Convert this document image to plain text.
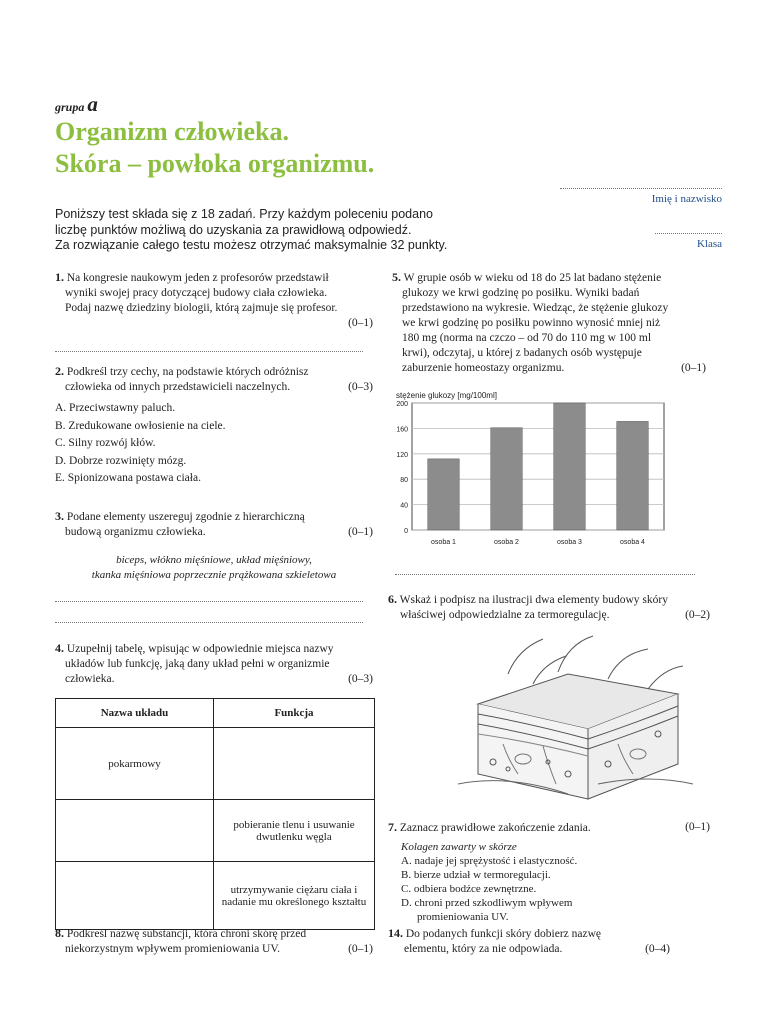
grupa a
Organizm człowieka.
Skóra – powłoka organizmu.
Imię i nazwisko
Klasa
Poniższy test składa się z 18 zadań. Przy każdym poleceniu podano
liczbę punktów możliwą do uzyskania za prawidłową odpowiedź.
Za rozwiązanie całego testu możesz otrzymać maksymalnie 32 punkty.
1. Na kongresie naukowym jeden z profesorów przedstawił
wyniki swojej pracy dotyczącej budowy ciała człowieka.
Podaj nazwę dziedziny biologii, którą zajmuje się profesor.
(0–1)
2. Podkreśl trzy cechy, na podstawie których odróżnisz
człowieka od innych przedstawicieli naczelnych.	(0–3)
A. Przeciwstawny paluch.
B. Zredukowane owłosienie na ciele.
C. Silny rozwój kłów.
D. Dobrze rozwinięty mózg.
E. Spionizowana postawa ciała.
3. Podane elementy uszereguj zgodnie z hierarchiczną
budową organizmu człowieka.	(0–1)
biceps, włókno mięśniowe, układ mięśniowy,
tkanka mięśniowa poprzecznie prążkowana szkieletowa
4. Uzupełnij tabelę, wpisując w odpowiednie miejsca nazwy
układów lub funkcję, jaką dany układ pełni w organizmie
człowieka.	(0–3)
Nazwa układu	Funkcja
pokarmowy	
	pobieranie tlenu i usuwanie dwutlenku węgla
	utrzymywanie ciężaru ciała i nadanie mu określonego kształtu
8. Podkreśl nazwę substancji, która chroni skórę przed
niekorzystnym wpływem promieniowania UV.	(0–1)
5. W grupie osób w wieku od 18 do 25 lat badano stężenie
glukozy we krwi godzinę po posiłku. Wyniki badań
przedstawiono na wykresie. Wiedząc, że stężenie glukozy
we krwi godzinę po posiłku powinno wynosić mniej niż
180 mg (norma na czczo – od 70 do 110 mg w 100 ml
krwi), odczytaj, u której z badanych osób występuje
zaburzenie homeostazy organizmu.	(0–1)
stężenie glukozy [mg/100ml]
0
40
80
120
160
200
osoba 1	osoba 2	osoba 3	osoba 4
6. Wskaż i podpisz na ilustracji dwa elementy budowy skóry
właściwej odpowiedzialne za termoregulację.	(0–2)
7. Zaznacz prawidłowe zakończenie zdania.	(0–1)
Kolagen zawarty w skórze
A. nadaje jej sprężystość i elastyczność.
B. bierze udział w termoregulacji.
C. odbiera bodźce zewnętrzne.
D. chroni przed szkodliwym wpływem
promieniowania UV.
14. Do podanych funkcji skóry dobierz nazwę
elementu, który za nie odpowiada.	(0–4)
